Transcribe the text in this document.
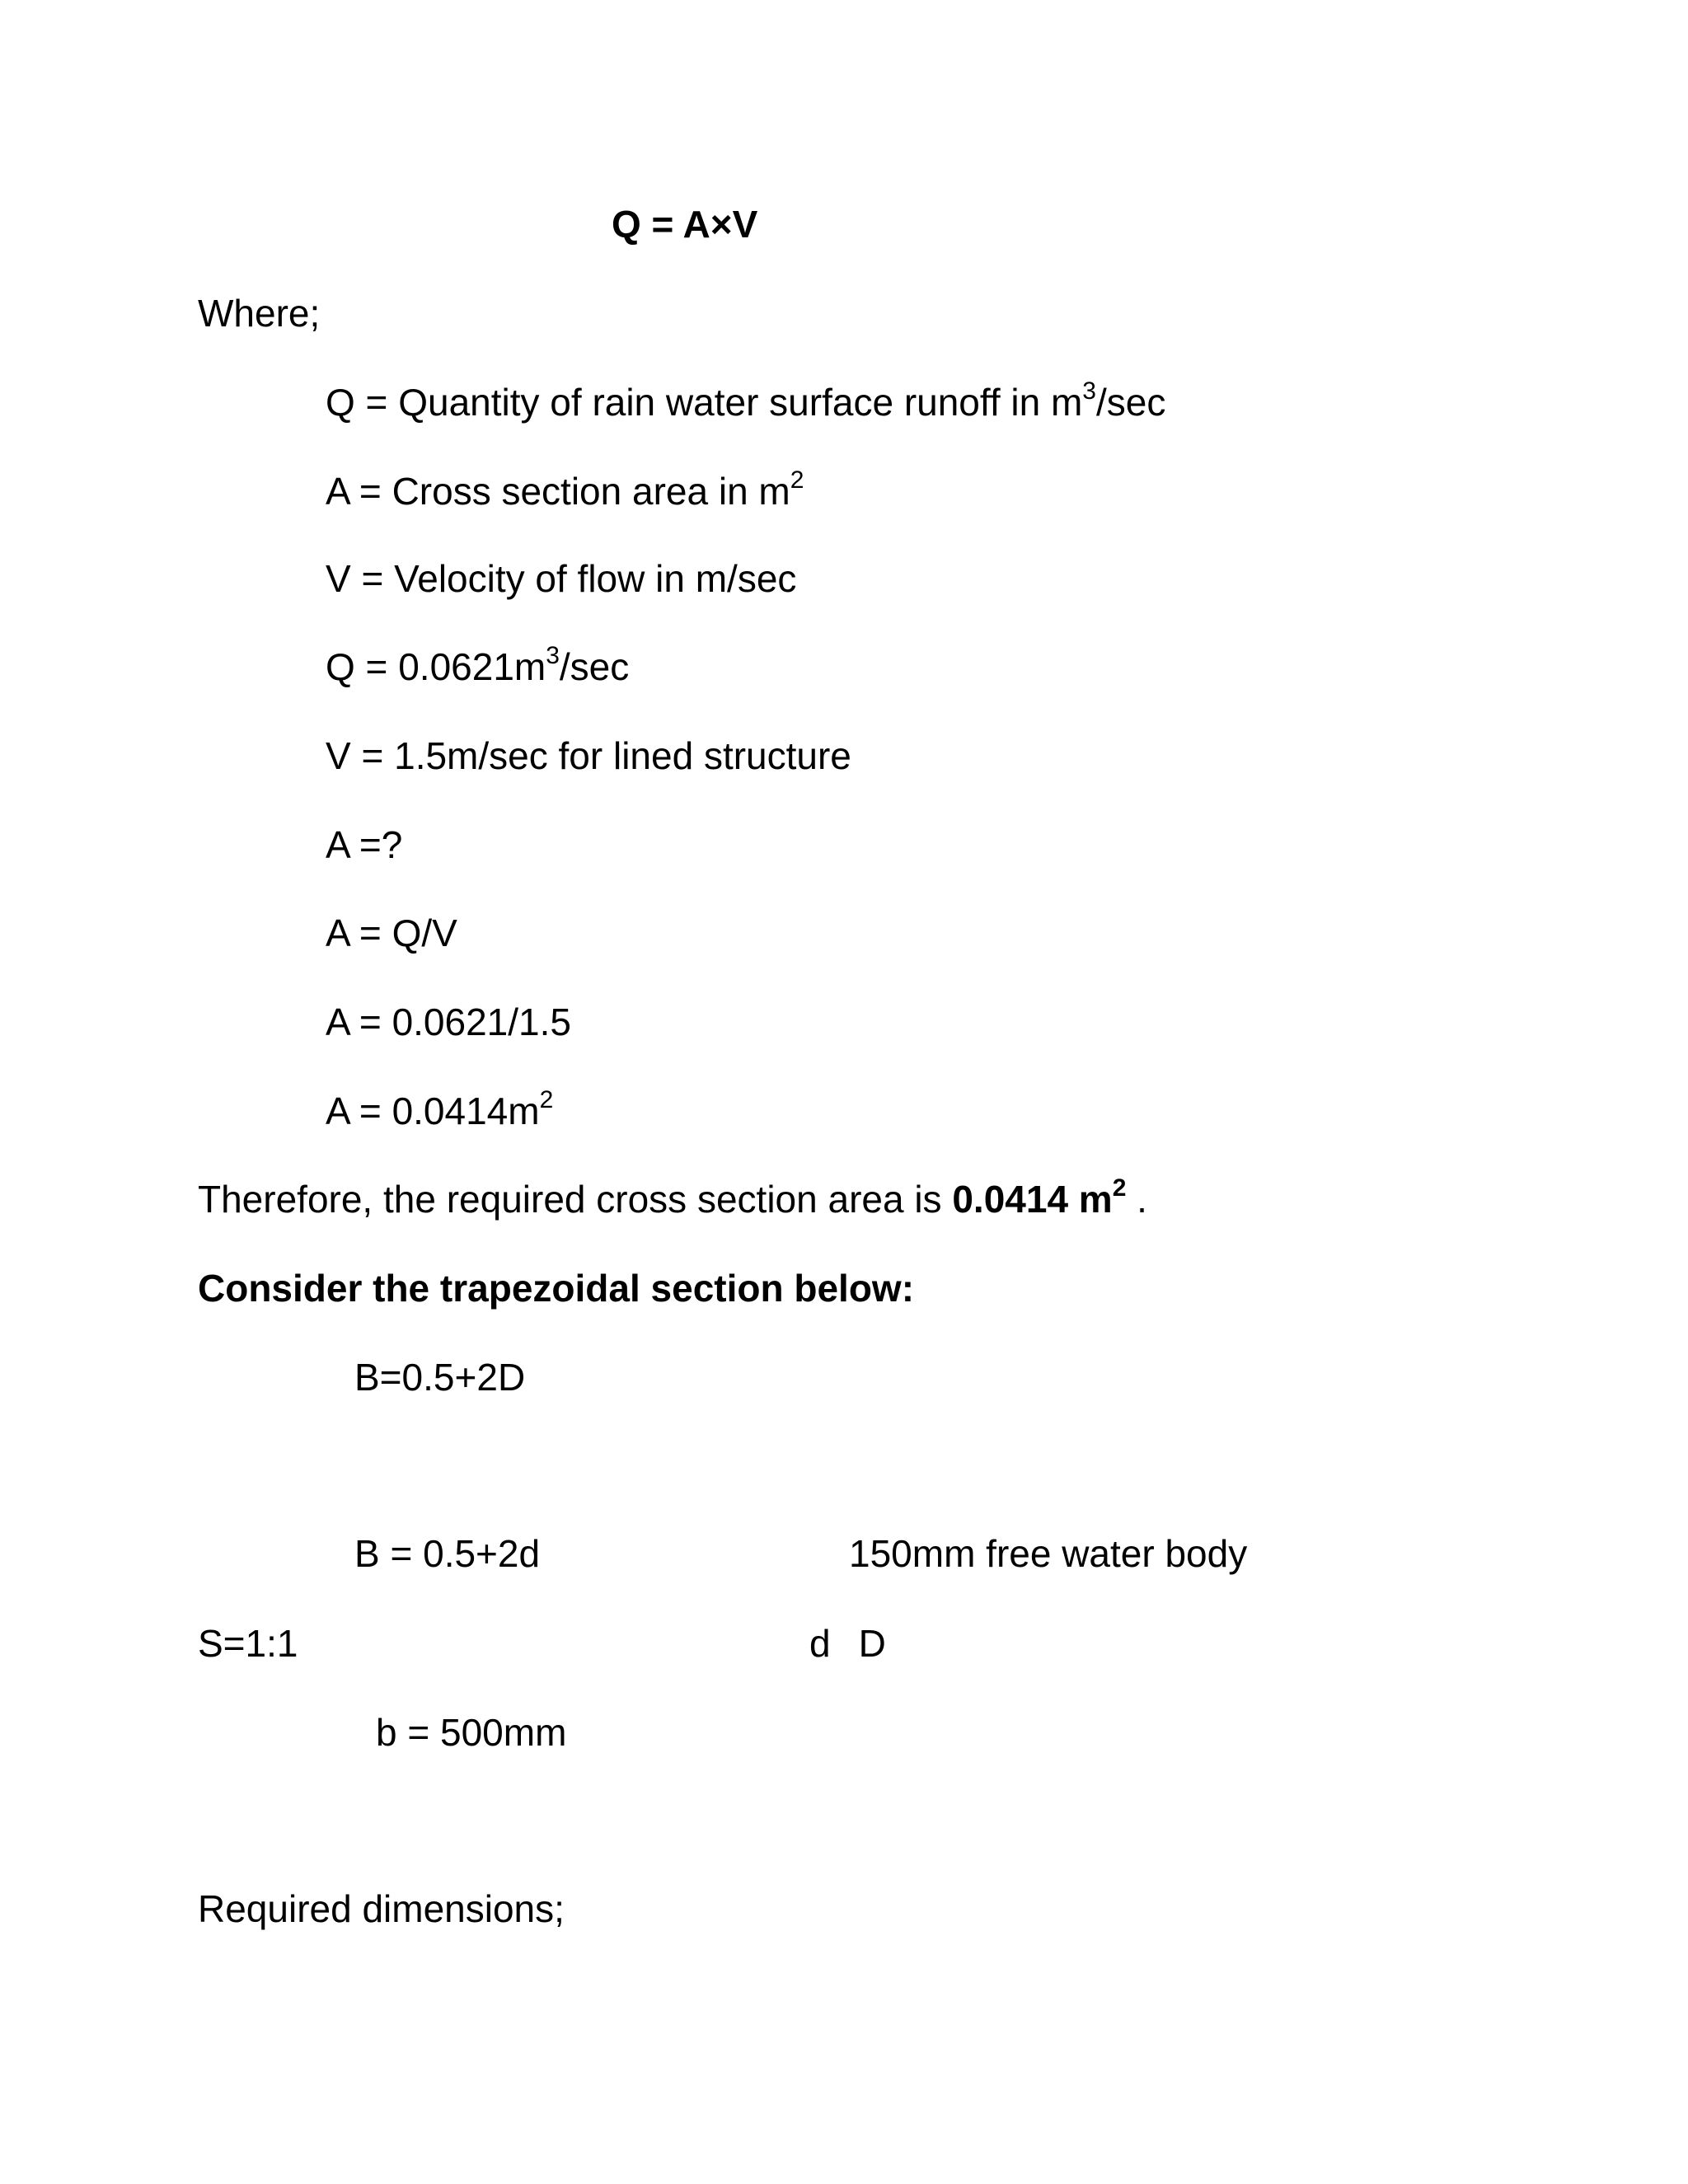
Q = A×V
Where;
Q = Quantity of rain water surface runoff in $m^3/\sec$
A = Cross section area in $m^2$
V = Velocity of flow in m/sec
$Q = 0.0621m^3/\sec$
V = 1.5m/sec for lined structure
A =?
A = Q/V
A = 0.0621/1.5
$A = 0.0414m^2$
Therefore, the required cross section area is 0.0414 $m^2$ .
Consider the trapezoidal section below:
B=0.5+2D
B = 0.5+2d	150mm free water body
S=1:1	d D
b = 500mm
Required dimensions;
